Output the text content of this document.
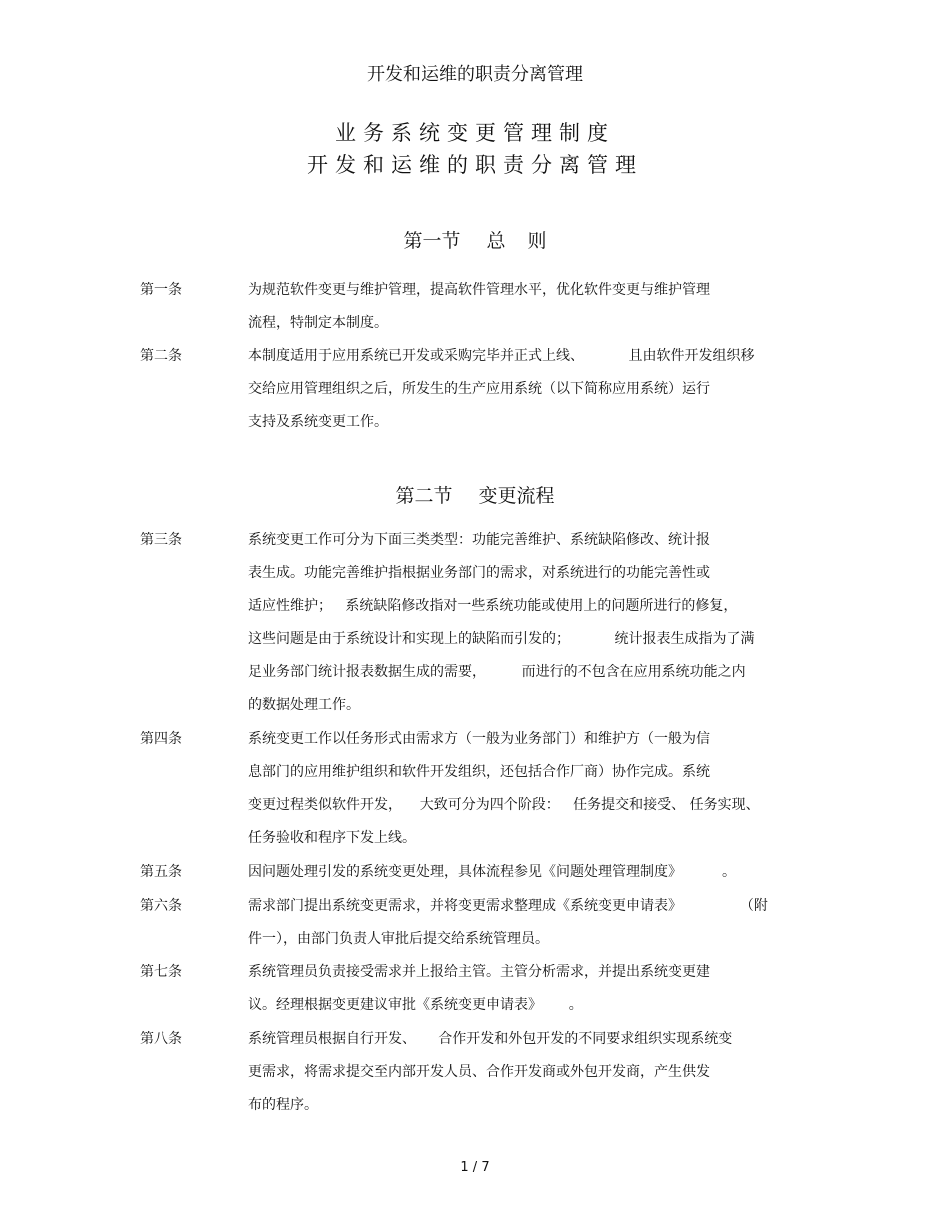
开发和运维的职责分离管理
业务系统变更管理制度
开发和运维的职责分离管理
第一节 总 则
第一条	为规范软件变更与维护管理，提高软件管理水平，优化软件变更与维护管理
流程，特制定本制度。
第二条	本制度适用于应用系统已开发或采购完毕并正式上线、          且由软件开发组织移
交给应用管理组织之后，所发生的生产应用系统（以下简称应用系统）运行
支持及系统变更工作。
第二节 变更流程
第三条	系统变更工作可分为下面三类类型：功能完善维护、系统缺陷修改、统计报
表生成。功能完善维护指根据业务部门的需求，对系统进行的功能完善性或
适应性维护；   系统缺陷修改指对一些系统功能或使用上的问题所进行的修复，
这些问题是由于系统设计和实现上的缺陷而引发的；          统计报表生成指为了满
足业务部门统计报表数据生成的需要，        而进行的不包含在应用系统功能之内
的数据处理工作。
第四条	系统变更工作以任务形式由需求方（一般为业务部门）和维护方（一般为信
息部门的应用维护组织和软件开发组织，还包括合作厂商）协作完成。系统
变更过程类似软件开发，    大致可分为四个阶段：   任务提交和接受、 任务实现、
任务验收和程序下发上线。
第五条	因问题处理引发的系统变更处理，具体流程参见《问题处理管理制度》         。
第六条	需求部门提出系统变更需求，并将变更需求整理成《系统变更申请表》             （附
件一），由部门负责人审批后提交给系统管理员。
第七条	系统管理员负责接受需求并上报给主管。主管分析需求，并提出系统变更建
议。经理根据变更建议审批《系统变更申请表》      。
第八条	系统管理员根据自行开发、     合作开发和外包开发的不同要求组织实现系统变
更需求，将需求提交至内部开发人员、合作开发商或外包开发商，产生供发
布的程序。
1 / 7
